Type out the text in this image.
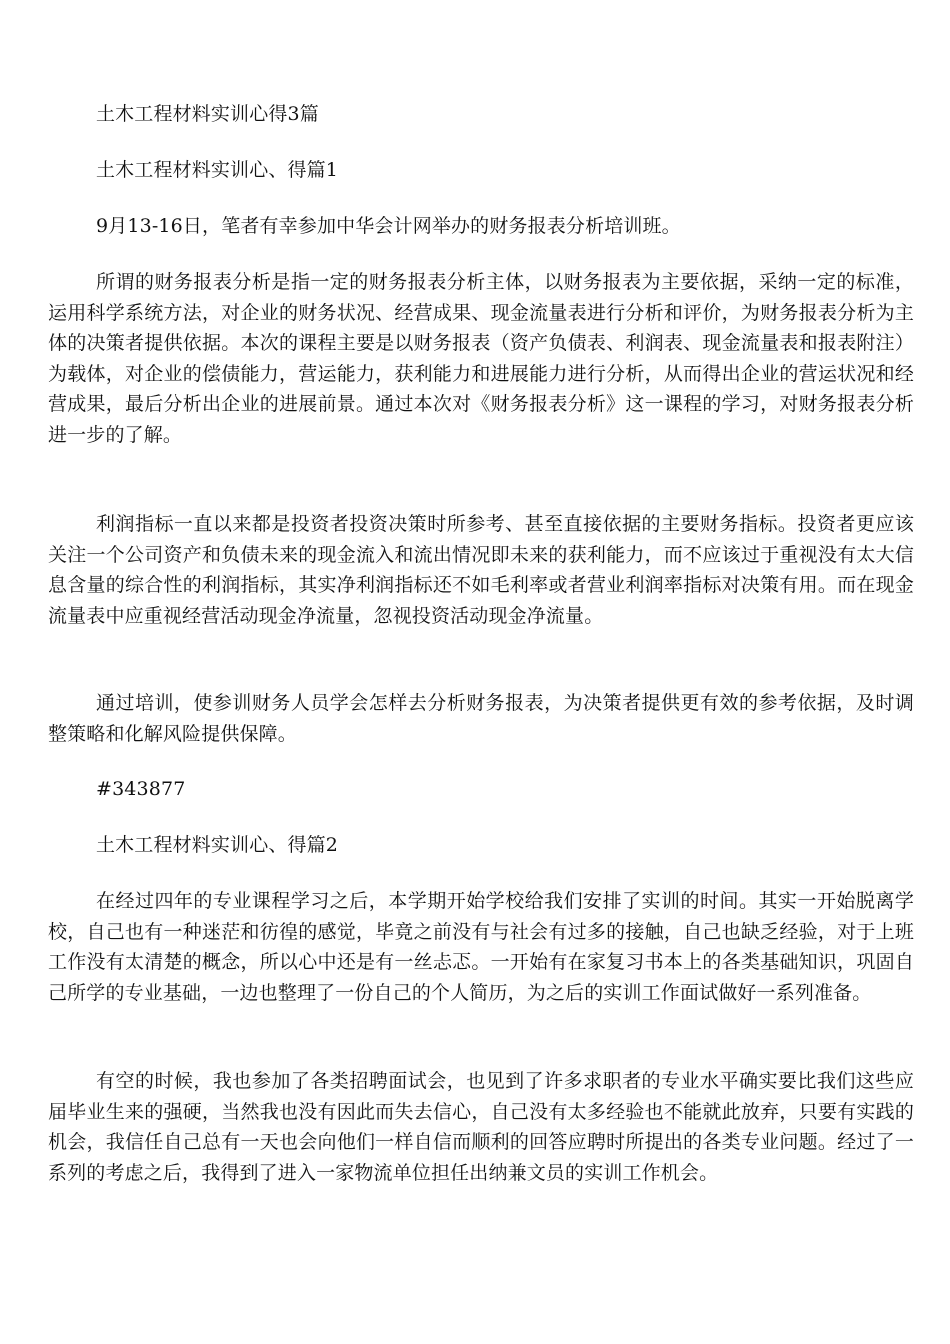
土木工程材料实训心得3篇

土木工程材料实训心、得篇1

9月13-16日，笔者有幸参加中华会计网举办的财务报表分析培训班。

所谓的财务报表分析是指一定的财务报表分析主体，以财务报表为主要依据，采纳一定的标准，运用科学系统方法，对企业的财务状况、经营成果、现金流量表进行分析和评价，为财务报表分析为主体的决策者提供依据。本次的课程主要是以财务报表（资产负债表、利润表、现金流量表和报表附注）为载体，对企业的偿债能力，营运能力，获利能力和进展能力进行分析，从而得出企业的营运状况和经营成果，最后分析出企业的进展前景。通过本次对《财务报表分析》这一课程的学习，对财务报表分析进一步的了解。

利润指标一直以来都是投资者投资决策时所参考、甚至直接依据的主要财务指标。投资者更应该关注一个公司资产和负债未来的现金流入和流出情况即未来的获利能力，而不应该过于重视没有太大信息含量的综合性的利润指标，其实净利润指标还不如毛利率或者营业利润率指标对决策有用。而在现金流量表中应重视经营活动现金净流量，忽视投资活动现金净流量。

通过培训，使参训财务人员学会怎样去分析财务报表，为决策者提供更有效的参考依据，及时调整策略和化解风险提供保障。

#343877

土木工程材料实训心、得篇2

在经过四年的专业课程学习之后，本学期开始学校给我们安排了实训的时间。其实一开始脱离学校，自己也有一种迷茫和彷徨的感觉，毕竟之前没有与社会有过多的接触，自己也缺乏经验，对于上班工作没有太清楚的概念，所以心中还是有一丝忐忑。一开始有在家复习书本上的各类基础知识，巩固自己所学的专业基础，一边也整理了一份自己的个人简历，为之后的实训工作面试做好一系列准备。

有空的时候，我也参加了各类招聘面试会，也见到了许多求职者的专业水平确实要比我们这些应届毕业生来的强硬，当然我也没有因此而失去信心，自己没有太多经验也不能就此放弃，只要有实践的机会，我信任自己总有一天也会向他们一样自信而顺利的回答应聘时所提出的各类专业问题。经过了一系列的考虑之后，我得到了进入一家物流单位担任出纳兼文员的实训工作机会。
